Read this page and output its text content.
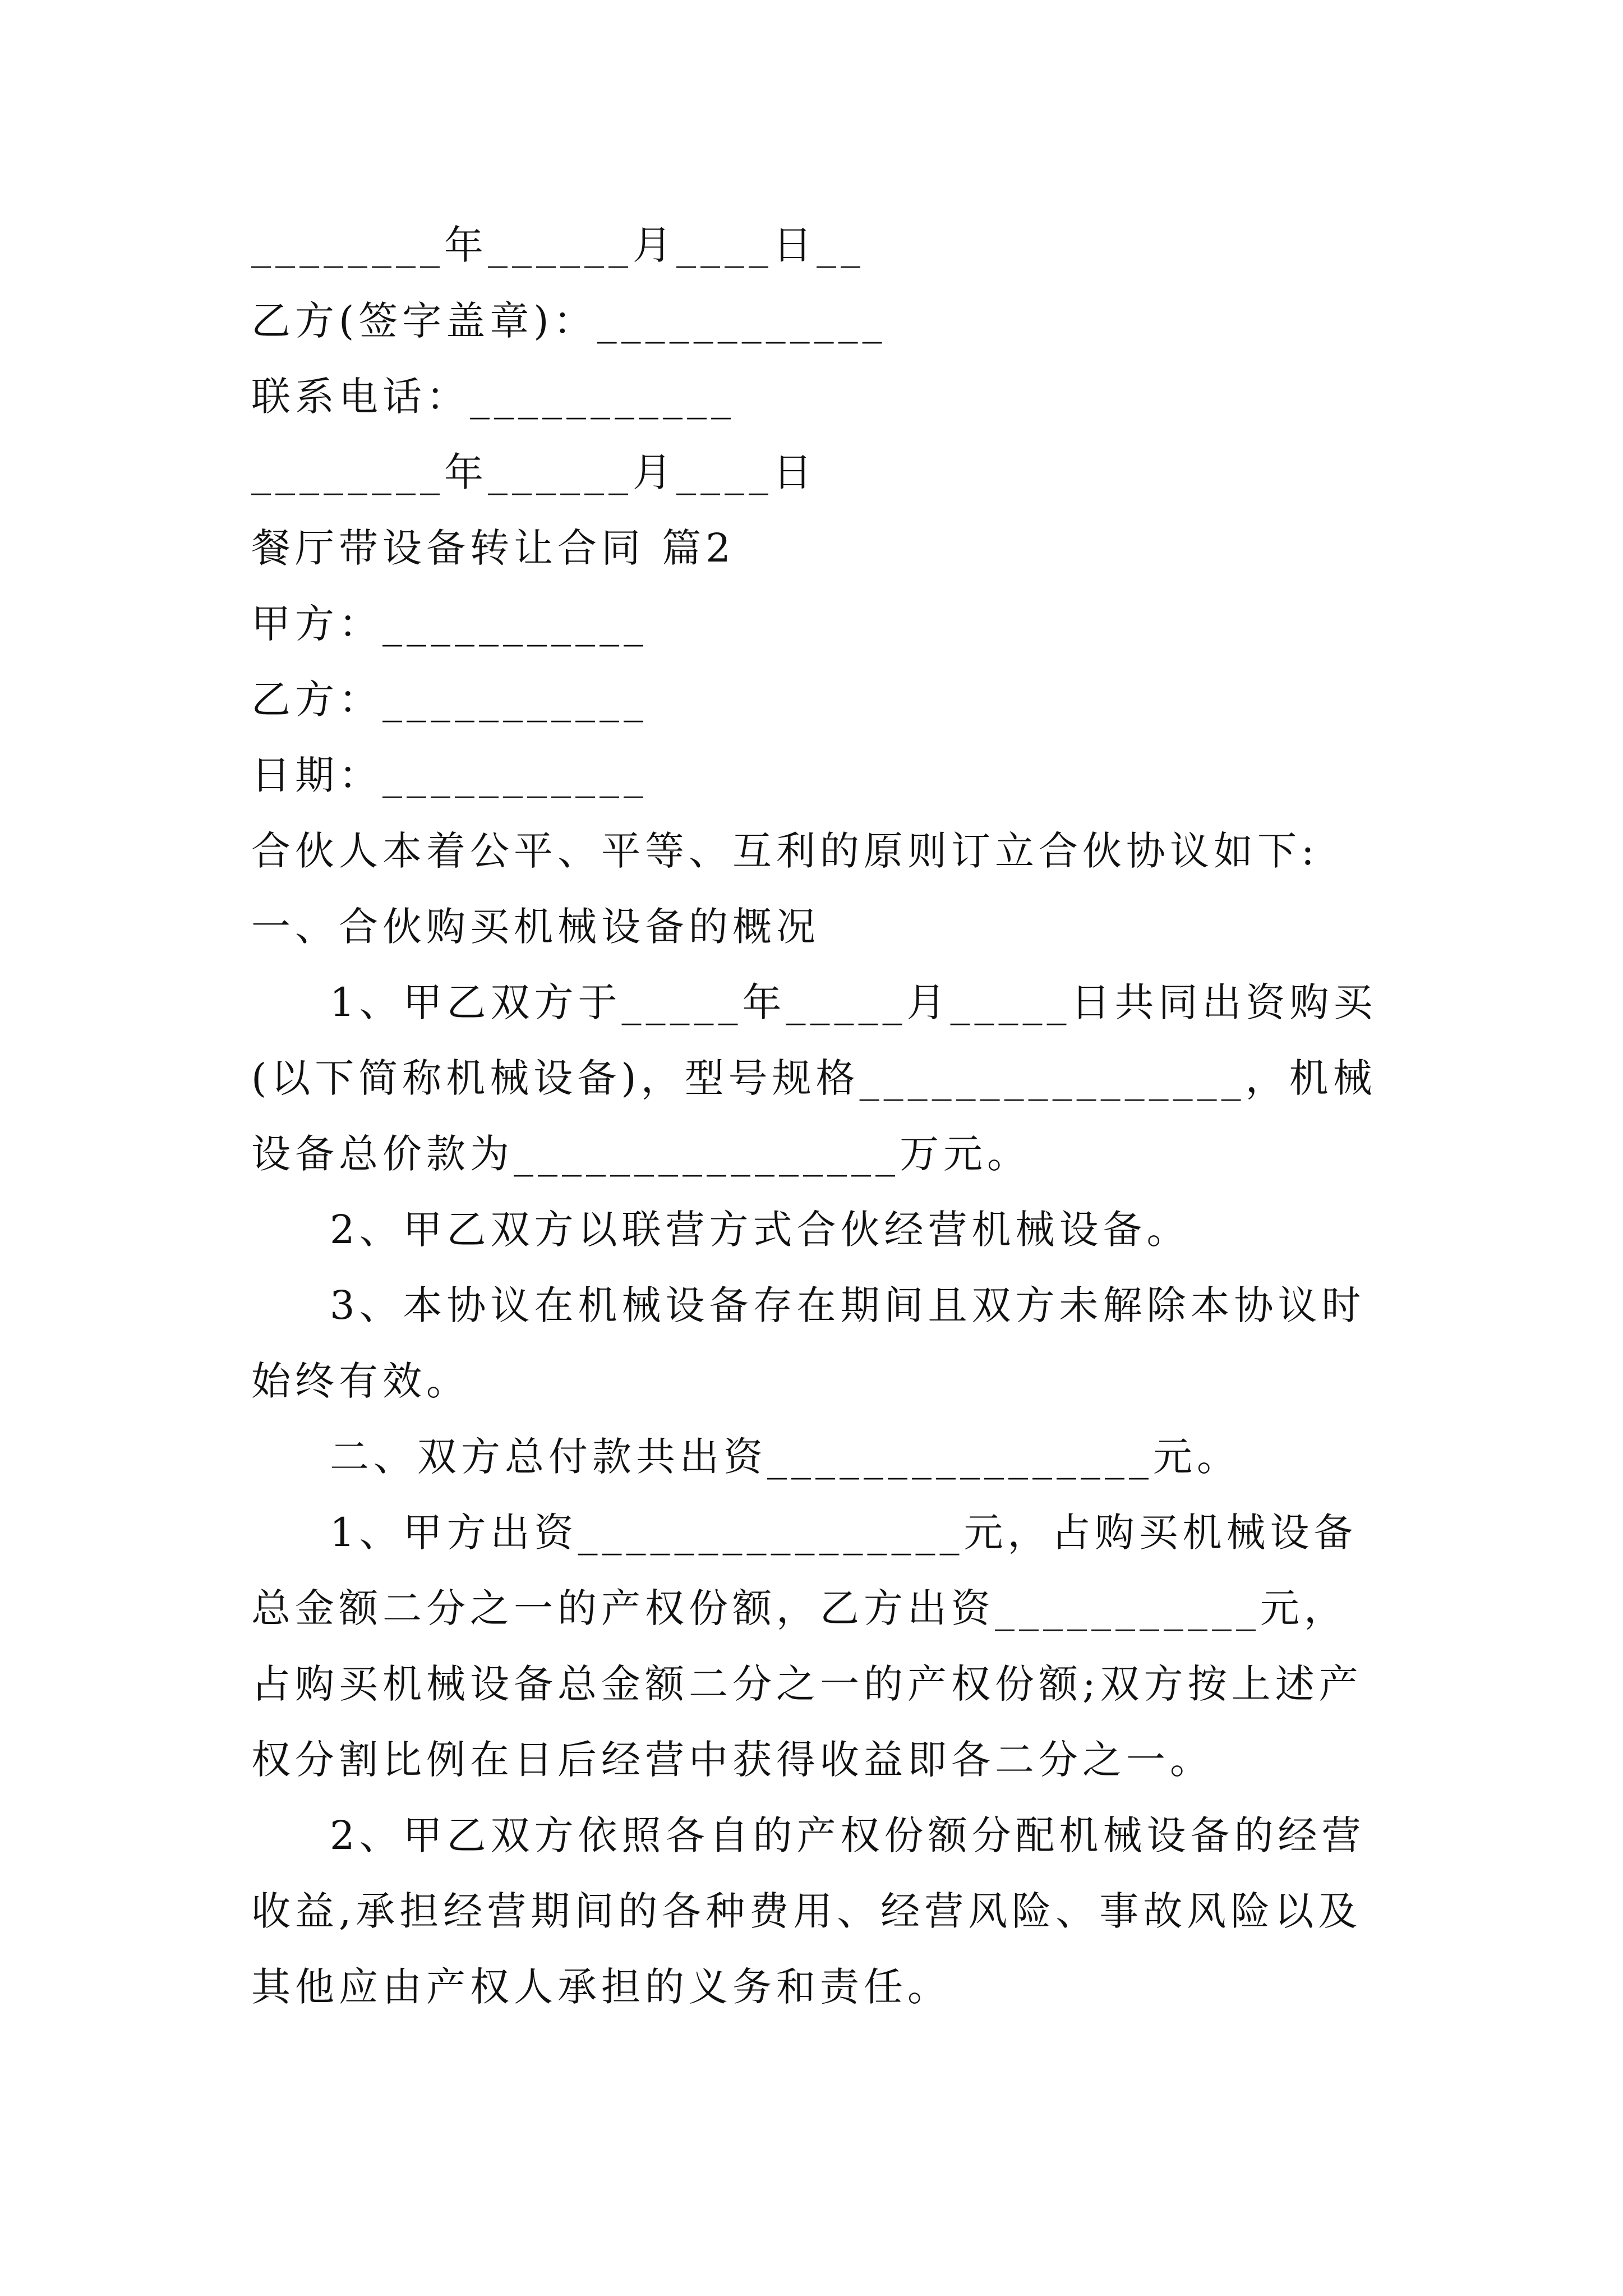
________年______月____日__

乙方(签字盖章)：____________

联系电话：___________

________年______月____日

餐厅带设备转让合同 篇2

甲方：___________

乙方：___________

日期：___________

合伙人本着公平、平等、互利的原则订立合伙协议如下:

一、合伙购买机械设备的概况

1、甲乙双方于_____年_____月_____日共同出资购买(以下简称机械设备)，型号规格________________，机械设备总价款为________________万元。

2、甲乙双方以联营方式合伙经营机械设备。

3、本协议在机械设备存在期间且双方未解除本协议时始终有效。

二、双方总付款共出资________________元。

1、甲方出资________________元，占购买机械设备总金额二分之一的产权份额，乙方出资___________元，占购买机械设备总金额二分之一的产权份额;双方按上述产权分割比例在日后经营中获得收益即各二分之一。

2、甲乙双方依照各自的产权份额分配机械设备的经营收益,承担经营期间的各种费用、经营风险、事故风险以及其他应由产权人承担的义务和责任。
